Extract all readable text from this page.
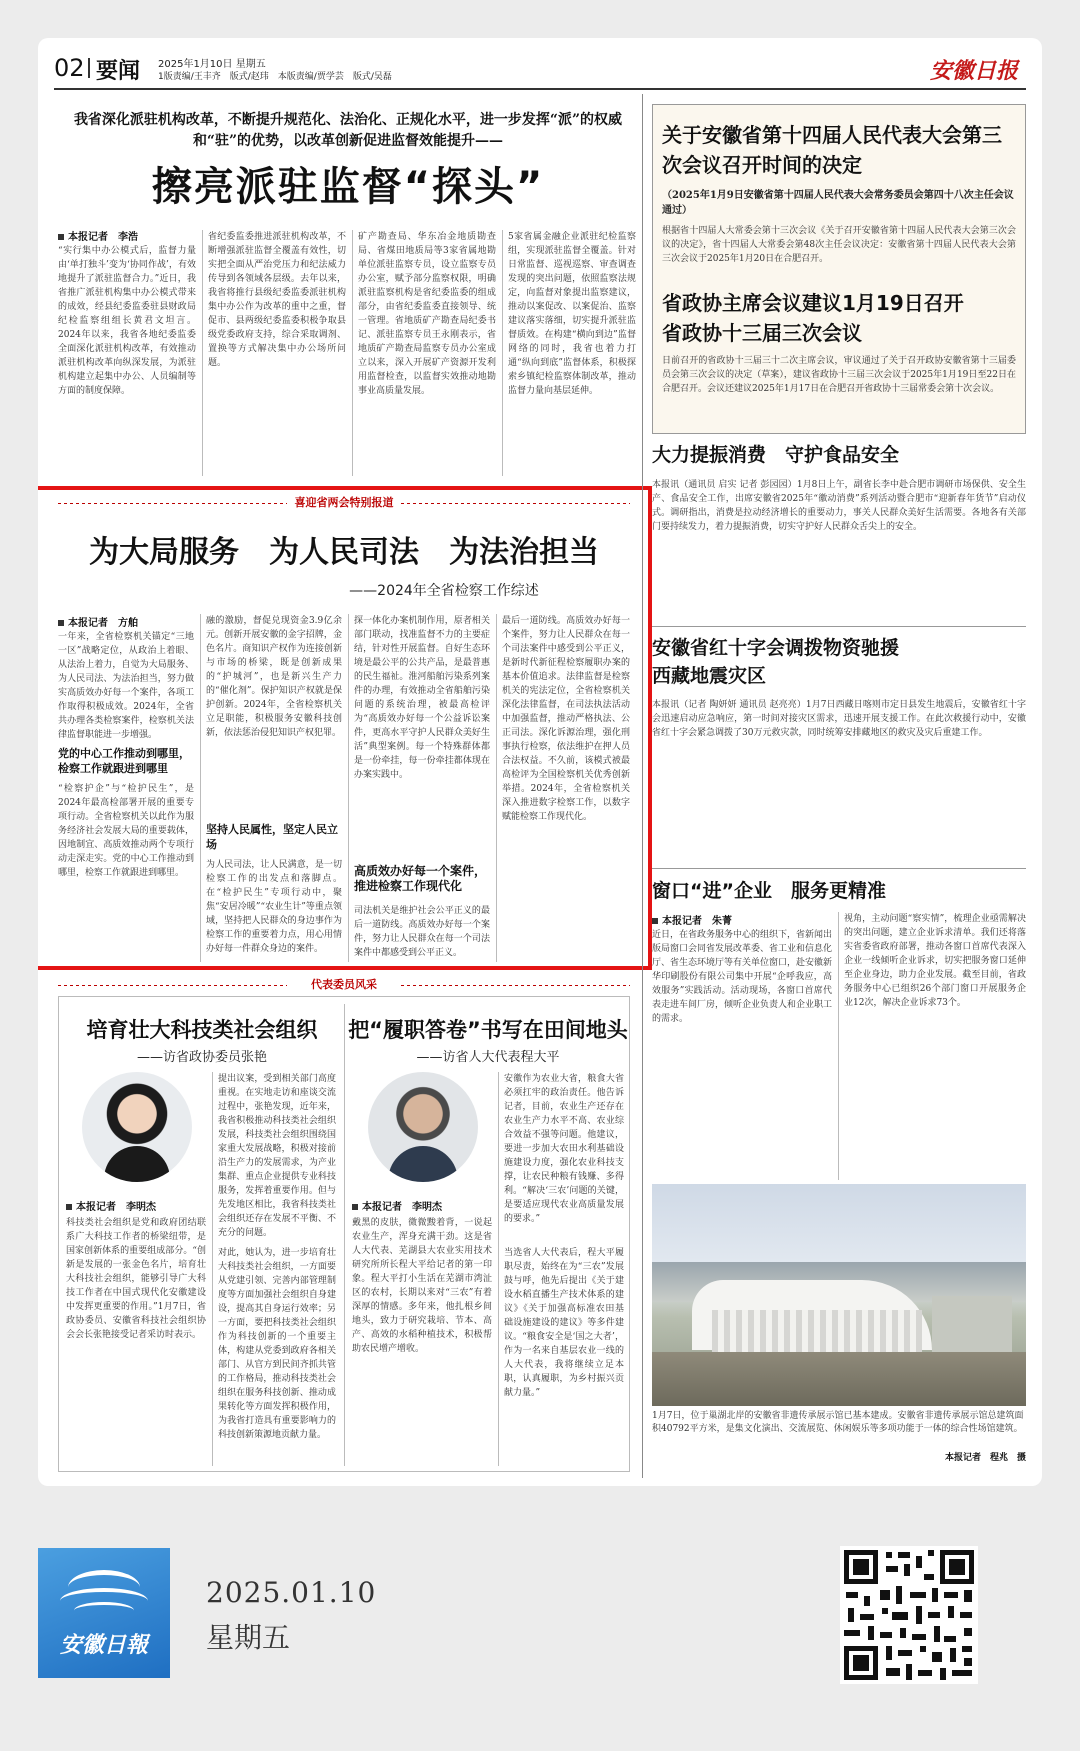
02 要闻 2025年1月10日 星期五
1版责编/王丰齐　版式/赵玮　本版责编/贾学芸　版式/吴磊	安徽日报
我省深化派驻机构改革，不断提升规范化、法治化、正规化水平，进一步发挥“派”的权威和“驻”的优势，以改革创新促进监督效能提升——
擦亮派驻监督“探头”
本报记者　李浩
“实行集中办公模式后，监督力量由‘单打独斗’变为‘协同作战’，有效地提升了派驻监督合力。”近日，我省推广派驻机构集中办公模式带来的成效，经县纪委监委驻县财政局纪检监察组组长黄君文坦言。2024年以来，我省各地纪委监委全面深化派驻机构改革，有效推动派驻机构改革向纵深发展，为派驻机构建立起集中办公、人员编制等方面的制度保障。
省纪委监委推进派驻机构改革，不断增强派驻监督全覆盖有效性，切实把全面从严治党压力和纪法威力传导到各领域各层级。去年以来，我省将推行县级纪委监委派驻机构集中办公作为改革的重中之重，督促市、县两级纪委监委积极争取县级党委政府支持，综合采取调剂、置换等方式解决集中办公场所问题。
矿产勘查局、华东冶金地质勘查局、省煤田地质局等3家省属地勘单位派驻监察专员，设立监察专员办公室，赋予部分监察权限，明确派驻监察机构是省纪委监委的组成部分，由省纪委监委直接领导、统一管理。省地质矿产勘查局纪委书记、派驻监察专员王永刚表示，省地质矿产勘查局监察专员办公室成立以来，深入开展矿产资源开发利用监督检查，以监督实效推动地勘事业高质量发展。
5家省属金融企业派驻纪检监察组，实现派驻监督全覆盖。针对日常监督、巡视巡察、审查调查发现的突出问题，依照监察法规定，向监督对象提出监察建议，推动以案促改、以案促治、监察建议落实落细，切实提升派驻监督质效。在构建“横向到边”监督网络的同时，我省也着力打通“纵向到底”监督体系，积极探索乡镇纪检监察体制改革，推动监督力量向基层延伸。
喜迎省两会特别报道
为大局服务　为人民司法　为法治担当
——2024年全省检察工作综述
本报记者　方舶
一年来，全省检察机关锚定“三地一区”战略定位，从政治上着眼、从法治上着力，自觉为大局服务、为人民司法、为法治担当，努力做实高质效办好每一个案件，各项工作取得积极成效。2024年，全省共办理各类检察案件，检察机关法律监督职能进一步增强。
党的中心工作推动到哪里，检察工作就跟进到哪里
“检察护企”与“检护民生”，是2024年最高检部署开展的重要专项行动。全省检察机关以此作为服务经济社会发展大局的重要载体，因地制宜、高质效推动两个专项行动走深走实。党的中心工作推动到哪里，检察工作就跟进到哪里。
融的激励，督促兑现资金3.9亿余元。创新开展安徽的金字招牌，金色名片。商知识产权作为连接创新与市场的桥梁，既是创新成果的“护城河”，也是新兴生产力的“催化剂”。保护知识产权就是保护创新。2024年，全省检察机关立足职能，积极服务安徽科技创新，依法惩治侵犯知识产权犯罪。
坚持人民属性，坚定人民立场
为人民司法，让人民满意，是一切检察工作的出发点和落脚点。在“检护民生”专项行动中，聚焦“安居冷暖”“农业生计”等重点领域，坚持把人民群众的身边事作为检察工作的重要着力点，用心用情办好每一件群众身边的案件。
探一体化办案机制作用，原者相关部门联动，找准监督不力的主要症结，针对性开展监督。自好生态环境是最公平的公共产品，是最普惠的民生福祉。淮河船舶污染系列案件的办理，有效推动全省船舶污染问题的系统治理，被最高检评为“高质效办好每一个公益诉讼案件，更高水平守护人民群众美好生活”典型案例。每一个特殊群体都是一份牵挂，每一份牵挂都体现在办案实践中。
高质效办好每一个案件，推进检察工作现代化
司法机关是维护社会公平正义的最后一道防线。高质效办好每一个案件，努力让人民群众在每一个司法案件中都感受到公平正义。
最后一道防线。高质效办好每一个案件，努力让人民群众在每一个司法案件中感受到公平正义，是新时代新征程检察履职办案的基本价值追求。法律监督是检察机关的宪法定位，全省检察机关深化法律监督，在司法执法活动中加强监督，推动严格执法、公正司法。深化诉源治理，强化刑事执行检察，依法维护在押人员合法权益。不久前，该模式被最高检评为全国检察机关优秀创新举措。2024年，全省检察机关深入推进数字检察工作，以数字赋能检察工作现代化。
代表委员风采
培育壮大科技类社会组织
——访省政协委员张艳
本报记者　李明杰
科技类社会组织是党和政府团结联系广大科技工作者的桥梁纽带，是国家创新体系的重要组成部分。“创新是发展的一张金色名片，培育壮大科技社会组织，能够引导广大科技工作者在中国式现代化安徽建设中发挥更重要的作用。”1月7日，省政协委员、安徽省科技社会组织协会会长张艳接受记者采访时表示。
提出议案，受到相关部门高度重视。在实地走访和座谈交流过程中，张艳发现，近年来，我省积极推动科技类社会组织发展，科技类社会组织围绕国家重大发展战略，积极对接前沿生产力的发展需求，为产业集群、重点企业提供专业科技服务，发挥着重要作用。但与先发地区相比，我省科技类社会组织还存在发展不平衡、不充分的问题。
对此，她认为，进一步培育壮大科技类社会组织，一方面要从党建引领、完善内部管理制度等方面加强社会组织自身建设，提高其自身运行效率；另一方面，要把科技类社会组织作为科技创新的一个重要主体，构建从党委到政府各相关部门、从官方到民间齐抓共管的工作格局，推动科技类社会组织在服务科技创新、推动成果转化等方面发挥积极作用，为我省打造具有重要影响力的科技创新策源地贡献力量。
把“履职答卷”书写在田间地头
——访省人大代表程大平
本报记者　李明杰
戴黑的皮肤，微微黢着背，一说起农业生产，浑身充满干劲。这是省人大代表、芜湖县大农业实用技术研究所所长程大平给记者的第一印象。程大平打小生活在芜湖市湾沚区的农村，长期以来对“三农”有着深厚的情感。多年来，他扎根乡间地头，致力于研究栽培、节本、高产、高效的水稻种植技术，积极帮助农民增产增收。
安徽作为农业大省，粮食大省必须扛牢的政治责任。他告诉记者，目前，农业生产还存在农业生产力水平不高、农业综合效益不强等问题。他建议，要进一步加大农田水利基础设施建设力度，强化农业科技支撑，让农民种粮有钱赚、多得利。“解决‘三农’问题的关键，是要适应现代农业高质量发展的要求。”
当选省人大代表后，程大平履职尽责，始终在为“三农”发展鼓与呼，他先后提出《关于建设水稻直播生产技术体系的建议》《关于加强高标准农田基础设施建设的建议》等多件建议。“粮食安全是‘国之大者’，作为一名来自基层农业一线的人大代表，我将继续立足本职，认真履职，为乡村振兴贡献力量。”
关于安徽省第十四届人民代表大会第三次会议召开时间的决定
（2025年1月9日安徽省第十四届人民代表大会常务委员会第四十八次主任会议通过）
根据省十四届人大常委会第十三次会议《关于召开安徽省第十四届人民代表大会第三次会议的决定》，省十四届人大常委会第48次主任会议决定：安徽省第十四届人民代表大会第三次会议于2025年1月20日在合肥召开。
省政协主席会议建议1月19日召开省政协十三届三次会议
日前召开的省政协十三届三十二次主席会议，审议通过了关于召开政协安徽省第十三届委员会第三次会议的决定（草案），建议省政协十三届三次会议于2025年1月19日至22日在合肥召开。会议还建议2025年1月17日在合肥召开省政协十三届常委会第十次会议。
大力提振消费　守护食品安全
本报讯（通讯员 启实 记者 彭园园）1月8日上午，副省长李中赴合肥市调研市场保供、安全生产、食品安全工作，出席安徽省2025年“徽动消费”系列活动暨合肥市“迎新春年货节”启动仪式。调研指出，消费是拉动经济增长的重要动力，事关人民群众美好生活需要。各地各有关部门要持续发力，着力提振消费，切实守护好人民群众舌尖上的安全。
安徽省红十字会调拨物资驰援西藏地震灾区
本报讯（记者 陶妍妍 通讯员 赵亮亮）1月7日西藏日喀则市定日县发生地震后，安徽省红十字会迅速启动应急响应，第一时间对接灾区需求，迅速开展支援工作。在此次救援行动中，安徽省红十字会紧急调拨了30万元救灾款，同时统筹安排藏地区的救灾及灾后重建工作。
窗口“进”企业　服务更精准
本报记者　朱菁
近日，在省政务服务中心的组织下，省新闻出版局窗口会同省发展改革委、省工业和信息化厅、省生态环境厅等有关单位窗口，赴安徽新华印刷股份有限公司集中开展“企呼我应，高效服务”实践活动。活动现场，各窗口首席代表走进车间厂房，倾听企业负责人和企业职工的需求。
视角，主动问题“察实情”，梳理企业亟需解决的突出问题，建立企业诉求清单。我们还将落实省委省政府部署，推动各窗口首席代表深入企业一线倾听企业诉求，切实把服务窗口延伸至企业身边，助力企业发展。截至目前，省政务服务中心已组织26个部门窗口开展服务企业12次，解决企业诉求73个。
1月7日，位于巢湖北岸的安徽省非遗传承展示馆已基本建成。安徽省非遗传承展示馆总建筑面积40792平方米，是集文化演出、交流展览、休闲娱乐等多项功能于一体的综合性场馆建筑。
本报记者　程兆　摄
安徽日報
2025.01.10
星期五
